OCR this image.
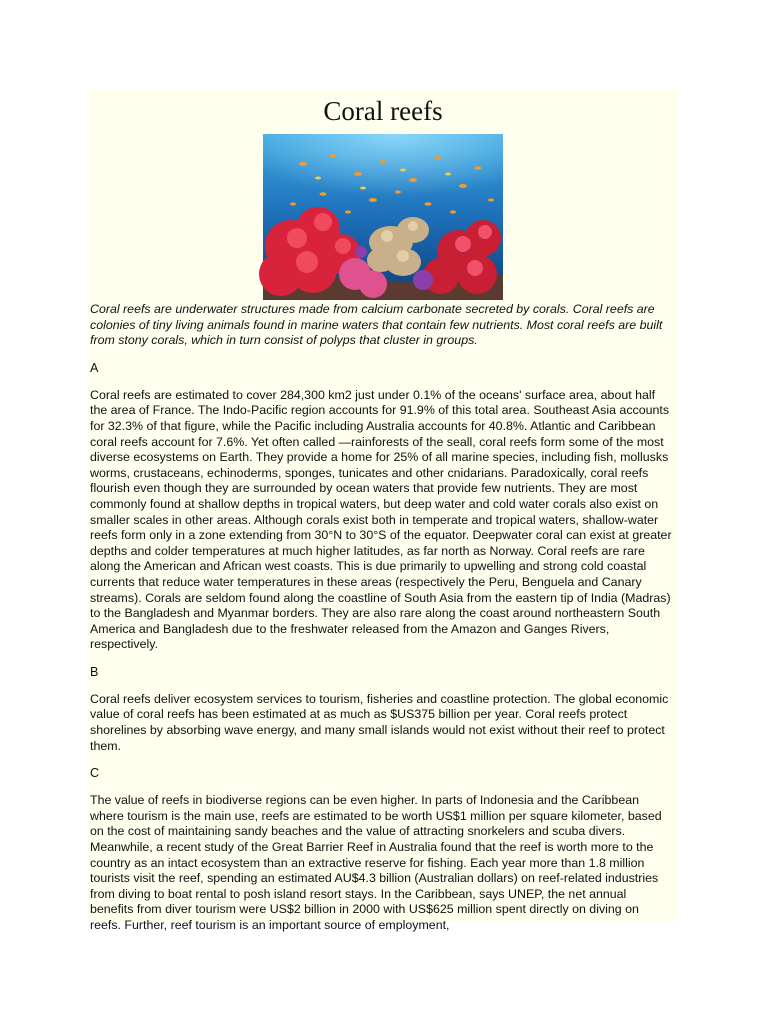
Coral reefs

Coral reefs are underwater structures made from calcium carbonate secreted by corals. Coral reefs are colonies of tiny living animals found in marine waters that contain few nutrients. Most coral reefs are built from stony corals, which in turn consist of polyps that cluster in groups.

A

Coral reefs are estimated to cover 284,300 km2 just under 0.1% of the oceans' surface area, about half the area of France. The Indo-Pacific region accounts for 91.9% of this total area. Southeast Asia accounts for 32.3% of that figure, while the Pacific including Australia accounts for 40.8%. Atlantic and Caribbean coral reefs account for 7.6%. Yet often called —rainforests of the seall, coral reefs form some of the most diverse ecosystems on Earth. They provide a home for 25% of all marine species, including fish, mollusks worms, crustaceans, echinoderms, sponges, tunicates and other cnidarians. Paradoxically, coral reefs flourish even though they are surrounded by ocean waters that provide few nutrients. They are most commonly found at shallow depths in tropical waters, but deep water and cold water corals also exist on smaller scales in other areas. Although corals exist both in temperate and tropical waters, shallow-water reefs form only in a zone extending from 30°N to 30°S of the equator. Deepwater coral can exist at greater depths and colder temperatures at much higher latitudes, as far north as Norway. Coral reefs are rare along the American and African west coasts. This is due primarily to upwelling and strong cold coastal currents that reduce water temperatures in these areas (respectively the Peru, Benguela and Canary streams). Corals are seldom found along the coastline of South Asia from the eastern tip of India (Madras) to the Bangladesh and Myanmar borders. They are also rare along the coast around northeastern South America and Bangladesh due to the freshwater released from the Amazon and Ganges Rivers, respectively.

B

Coral reefs deliver ecosystem services to tourism, fisheries and coastline protection. The global economic value of coral reefs has been estimated at as much as $US375 billion per year. Coral reefs protect shorelines by absorbing wave energy, and many small islands would not exist without their reef to protect them.

C

The value of reefs in biodiverse regions can be even higher. In parts of Indonesia and the Caribbean where tourism is the main use, reefs are estimated to be worth US$1 million per square kilometer, based on the cost of maintaining sandy beaches and the value of attracting snorkelers and scuba divers. Meanwhile, a recent study of the Great Barrier Reef in Australia found that the reef is worth more to the country as an intact ecosystem than an extractive reserve for fishing. Each year more than 1.8 million tourists visit the reef, spending an estimated AU$4.3 billion (Australian dollars) on reef-related industries from diving to boat rental to posh island resort stays. In the Caribbean, says UNEP, the net annual benefits from diver tourism were US$2 billion in 2000 with US$625 million spent directly on diving on reefs. Further, reef tourism is an important source of employment,
